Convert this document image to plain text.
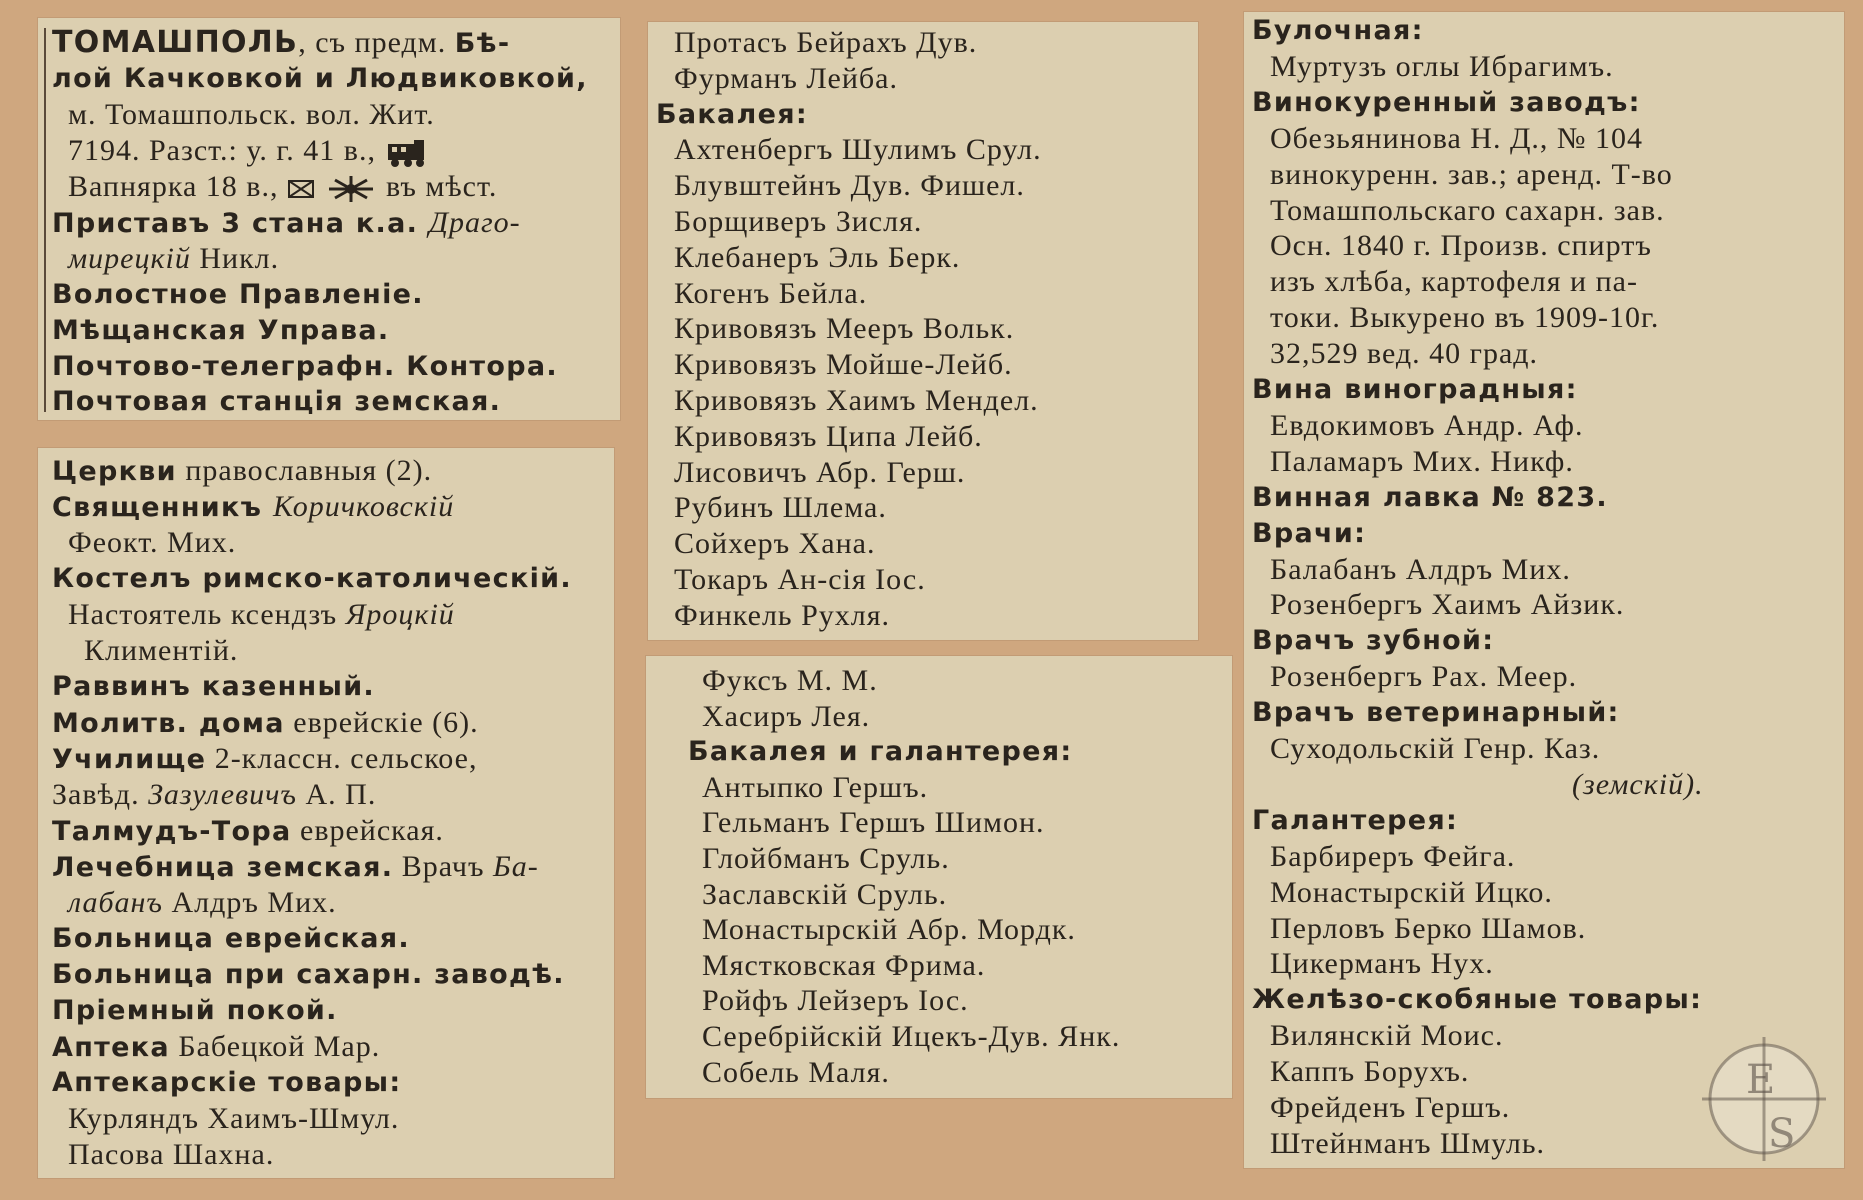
ТОМАШПОЛЬ, съ предм. Бѣ-
лой Качковкой и Людвиковкой,
м. Томашпольск. вол. Жит.
7194. Разст.: у. г. 41 в.,
Вапнярка 18 в.,	въ мѣст.
Приставъ 3 стана к.а. Драго-
мирецкій Никл.
Волостное Правленіе.
Мѣщанская Управа.
Почтово-телеграфн. Контора.
Почтовая станція земская.
Церкви православныя (2).
Священникъ Коричковскій
Феокт. Мих.
Костелъ римско-католическій.
Настоятель ксендзъ Яроцкій
Климентій.
Раввинъ казенный.
Молитв. дома еврейскіе (6).
Училище 2-классн. сельское,
Завѣд. Зазулевичъ А. П.
Талмудъ-Тора еврейская.
Лечебница земская. Врачъ Ба-
лабанъ Алдръ Мих.
Больница еврейская.
Больница при сахарн. заводѣ.
Пріемный покой.
Аптека Бабецкой Мар.
Аптекарскіе товары:
Курляндъ Хаимъ-Шмул.
Пасова Шахна.
Протасъ Бейрахъ Дув.
Фурманъ Лейба.
Бакалея:
Ахтенбергъ Шулимъ Срул.
Блувштейнъ Дув. Фишел.
Борщиверъ Зисля.
Клебанеръ Эль Берк.
Когенъ Бейла.
Кривовязъ Мееръ Вольк.
Кривовязъ Мойше-Лейб.
Кривовязъ Хаимъ Мендел.
Кривовязъ Ципа Лейб.
Лисовичъ Абр. Герш.
Рубинъ Шлема.
Сойхеръ Хана.
Токаръ Ан-сія Іос.
Финкель Рухля.
Фуксъ М. М.
Хасиръ Лея.
Бакалея и галантерея:
Антыпко Гершъ.
Гельманъ Гершъ Шимон.
Глойбманъ Сруль.
Заславскій Сруль.
Монастырскій Абр. Мордк.
Мястковская Фрима.
Ройфъ Лейзеръ Іос.
Серебрійскій Ицекъ-Дув. Янк.
Собель Маля.
Булочная:
Муртузъ оглы Ибрагимъ.
Винокуренный заводъ:
Обезьянинова Н. Д., № 104
винокуренн. зав.; аренд. Т-во
Томашпольскаго сахарн. зав.
Осн. 1840 г. Произв. спиртъ
изъ хлѣба, картофеля и па-
токи. Выкурено въ 1909-10г.
32,529 вед. 40 град.
Вина виноградныя:
Евдокимовъ Андр. Аф.
Паламаръ Мих. Никф.
Винная лавка № 823.
Врачи:
Балабанъ Алдръ Мих.
Розенбергъ Хаимъ Айзик.
Врачъ зубной:
Розенбергъ Рах. Меер.
Врачъ ветеринарный:
Суходольскій Генр. Каз.
(земскій).
Галантерея:
Барбиреръ Фейга.
Монастырскій Ицко.
Перловъ Берко Шамов.
Цикерманъ Нух.
Желѣзо-скобяные товары:
Вилянскій Моис.
Каппъ Борухъ.
Фрейденъ Гершъ.
Штейнманъ Шмуль.
E
S
